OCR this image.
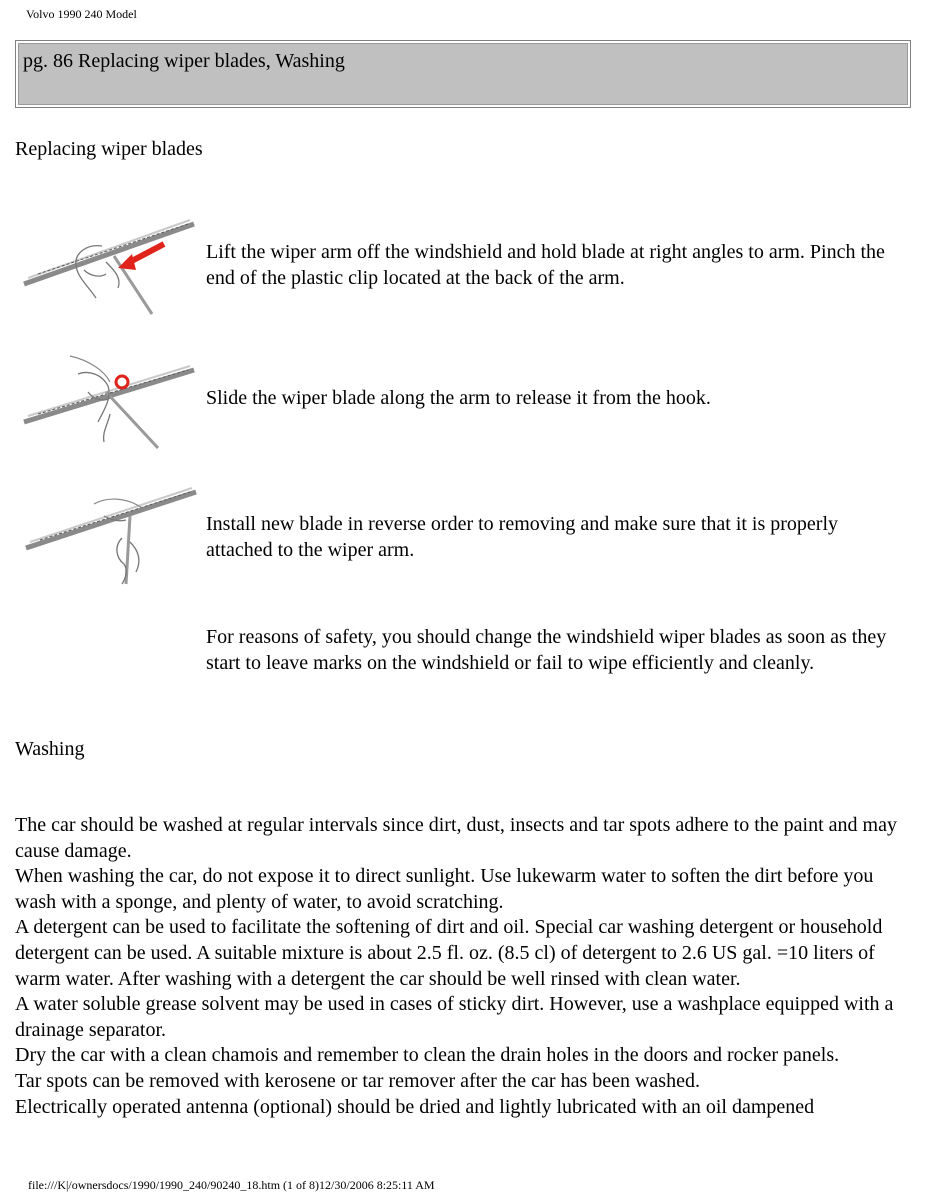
Volvo 1990 240 Model
pg. 86 Replacing wiper blades, Washing
Replacing wiper blades
Lift the wiper arm off the windshield and hold blade at right angles to arm. Pinch the end of the plastic clip located at the back of the arm.
Slide the wiper blade along the arm to release it from the hook.
Install new blade in reverse order to removing and make sure that it is properly attached to the wiper arm.
For reasons of safety, you should change the windshield wiper blades as soon as they start to leave marks on the windshield or fail to wipe efficiently and cleanly.
Washing

The car should be washed at regular intervals since dirt, dust, insects and tar spots adhere to the paint and may cause damage.

When washing the car, do not expose it to direct sunlight. Use lukewarm water to soften the dirt before you wash with a sponge, and plenty of water, to avoid scratching.

A detergent can be used to facilitate the softening of dirt and oil. Special car washing detergent or household detergent can be used. A suitable mixture is about 2.5 fl. oz. (8.5 cl) of detergent to 2.6 US gal. =10 liters of warm water. After washing with a detergent the car should be well rinsed with clean water.

A water soluble grease solvent may be used in cases of sticky dirt. However, use a washplace equipped with a drainage separator.

Dry the car with a clean chamois and remember to clean the drain holes in the doors and rocker panels.

Tar spots can be removed with kerosene or tar remover after the car has been washed.

Electrically operated antenna (optional) should be dried and lightly lubricated with an oil dampened

file:///K|/ownersdocs/1990/1990_240/90240_18.htm (1 of 8)12/30/2006 8:25:11 AM
